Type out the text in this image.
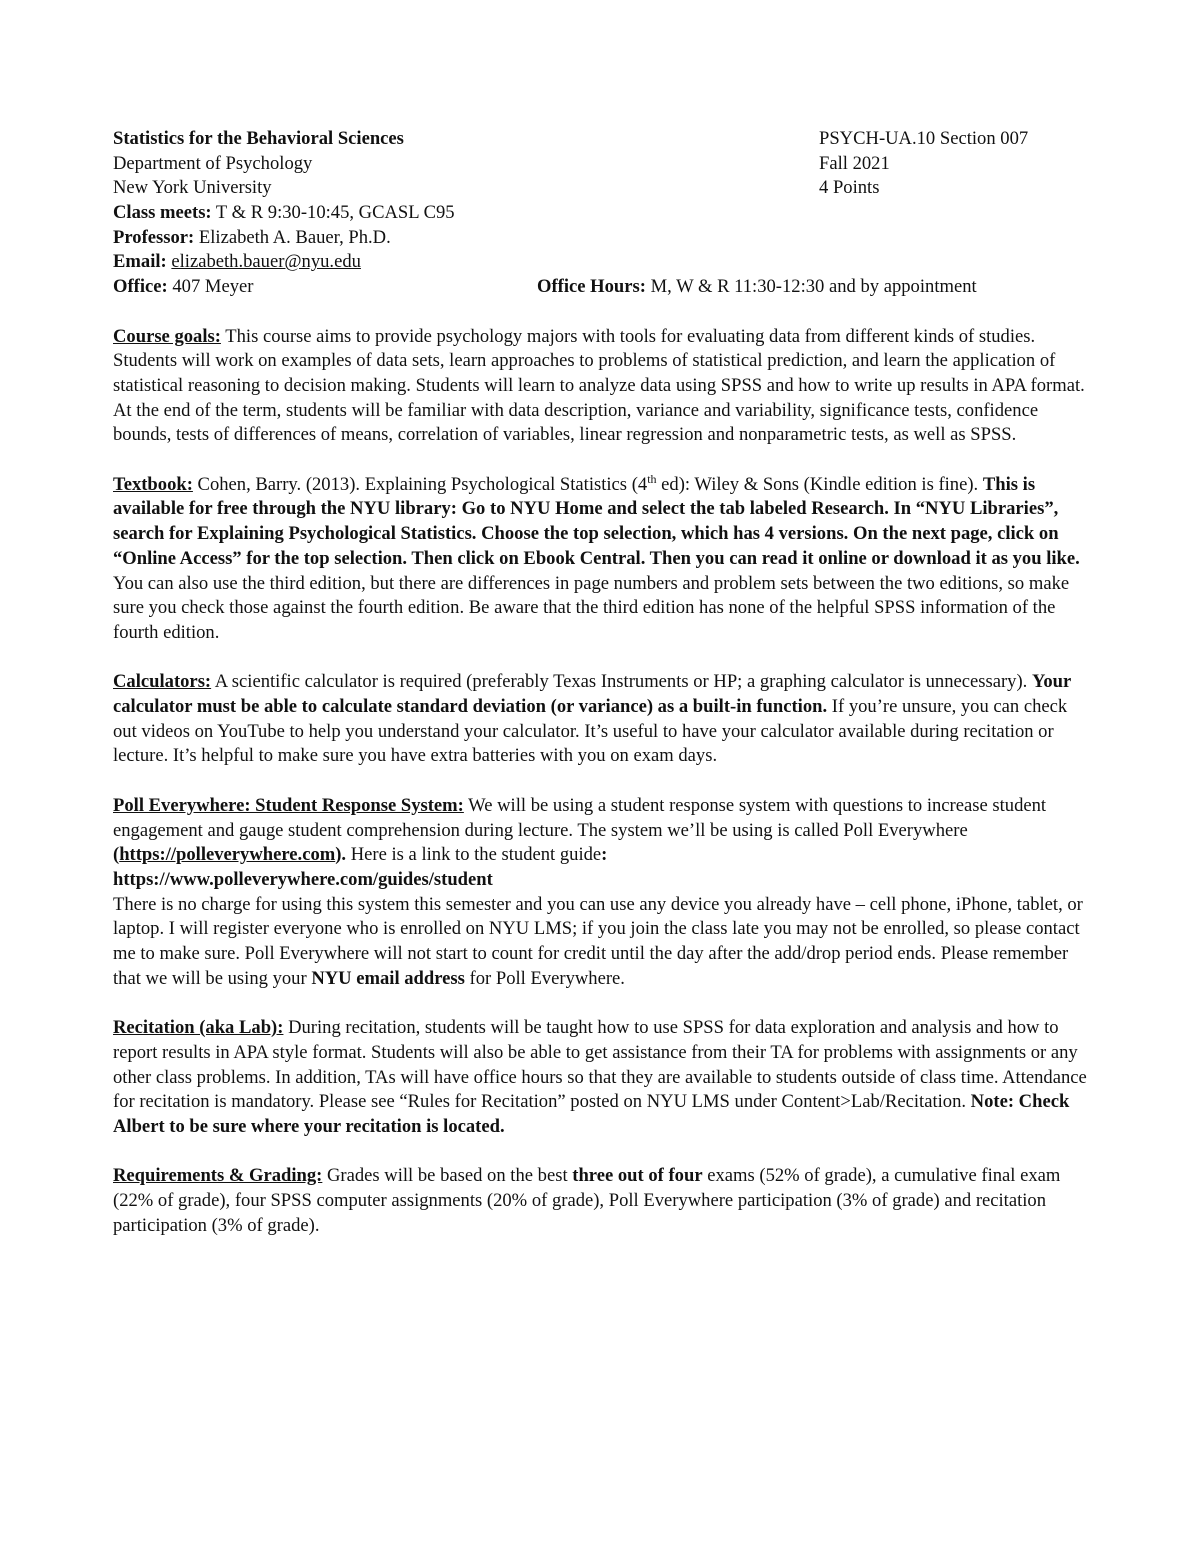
Statistics for the Behavioral Sciences	PSYCH-UA.10 Section 007
Department of Psychology	Fall 2021
New York University	4 Points
Class meets: T & R 9:30-10:45, GCASL C95
Professor: Elizabeth A. Bauer, Ph.D.
Email: elizabeth.bauer@nyu.edu
Office: 407 Meyer	Office Hours: M, W & R 11:30-12:30 and by appointment

Course goals: This course aims to provide psychology majors with tools for evaluating data from different kinds of studies. Students will work on examples of data sets, learn approaches to problems of statistical prediction, and learn the application of statistical reasoning to decision making. Students will learn to analyze data using SPSS and how to write up results in APA format.

At the end of the term, students will be familiar with data description, variance and variability, significance tests, confidence bounds, tests of differences of means, correlation of variables, linear regression and nonparametric tests, as well as SPSS.

Textbook: Cohen, Barry. (2013). Explaining Psychological Statistics (4th ed): Wiley & Sons (Kindle edition is fine). This is available for free through the NYU library: Go to NYU Home and select the tab labeled Research. In “NYU Libraries”, search for Explaining Psychological Statistics. Choose the top selection, which has 4 versions. On the next page, click on “Online Access” for the top selection. Then click on Ebook Central. Then you can read it online or download it as you like.

You can also use the third edition, but there are differences in page numbers and problem sets between the two editions, so make sure you check those against the fourth edition. Be aware that the third edition has none of the helpful SPSS information of the fourth edition.

Calculators: A scientific calculator is required (preferably Texas Instruments or HP; a graphing calculator is unnecessary). Your calculator must be able to calculate standard deviation (or variance) as a built-in function. If you’re unsure, you can check out videos on YouTube to help you understand your calculator. It’s useful to have your calculator available during recitation or lecture. It’s helpful to make sure you have extra batteries with you on exam days.

Poll Everywhere: Student Response System: We will be using a student response system with questions to increase student engagement and gauge student comprehension during lecture. The system we’ll be using is called Poll Everywhere (https://polleverywhere.com). Here is a link to the student guide:

https://www.polleverywhere.com/guides/student

There is no charge for using this system this semester and you can use any device you already have – cell phone, iPhone, tablet, or laptop. I will register everyone who is enrolled on NYU LMS; if you join the class late you may not be enrolled, so please contact me to make sure. Poll Everywhere will not start to count for credit until the day after the add/drop period ends. Please remember that we will be using your NYU email address for Poll Everywhere.

Recitation (aka Lab): During recitation, students will be taught how to use SPSS for data exploration and analysis and how to report results in APA style format. Students will also be able to get assistance from their TA for problems with assignments or any other class problems. In addition, TAs will have office hours so that they are available to students outside of class time. Attendance for recitation is mandatory. Please see “Rules for Recitation” posted on NYU LMS under Content>Lab/Recitation. Note: Check Albert to be sure where your recitation is located.

Requirements & Grading: Grades will be based on the best three out of four exams (52% of grade), a cumulative final exam (22% of grade), four SPSS computer assignments (20% of grade), Poll Everywhere participation (3% of grade) and recitation participation (3% of grade).
